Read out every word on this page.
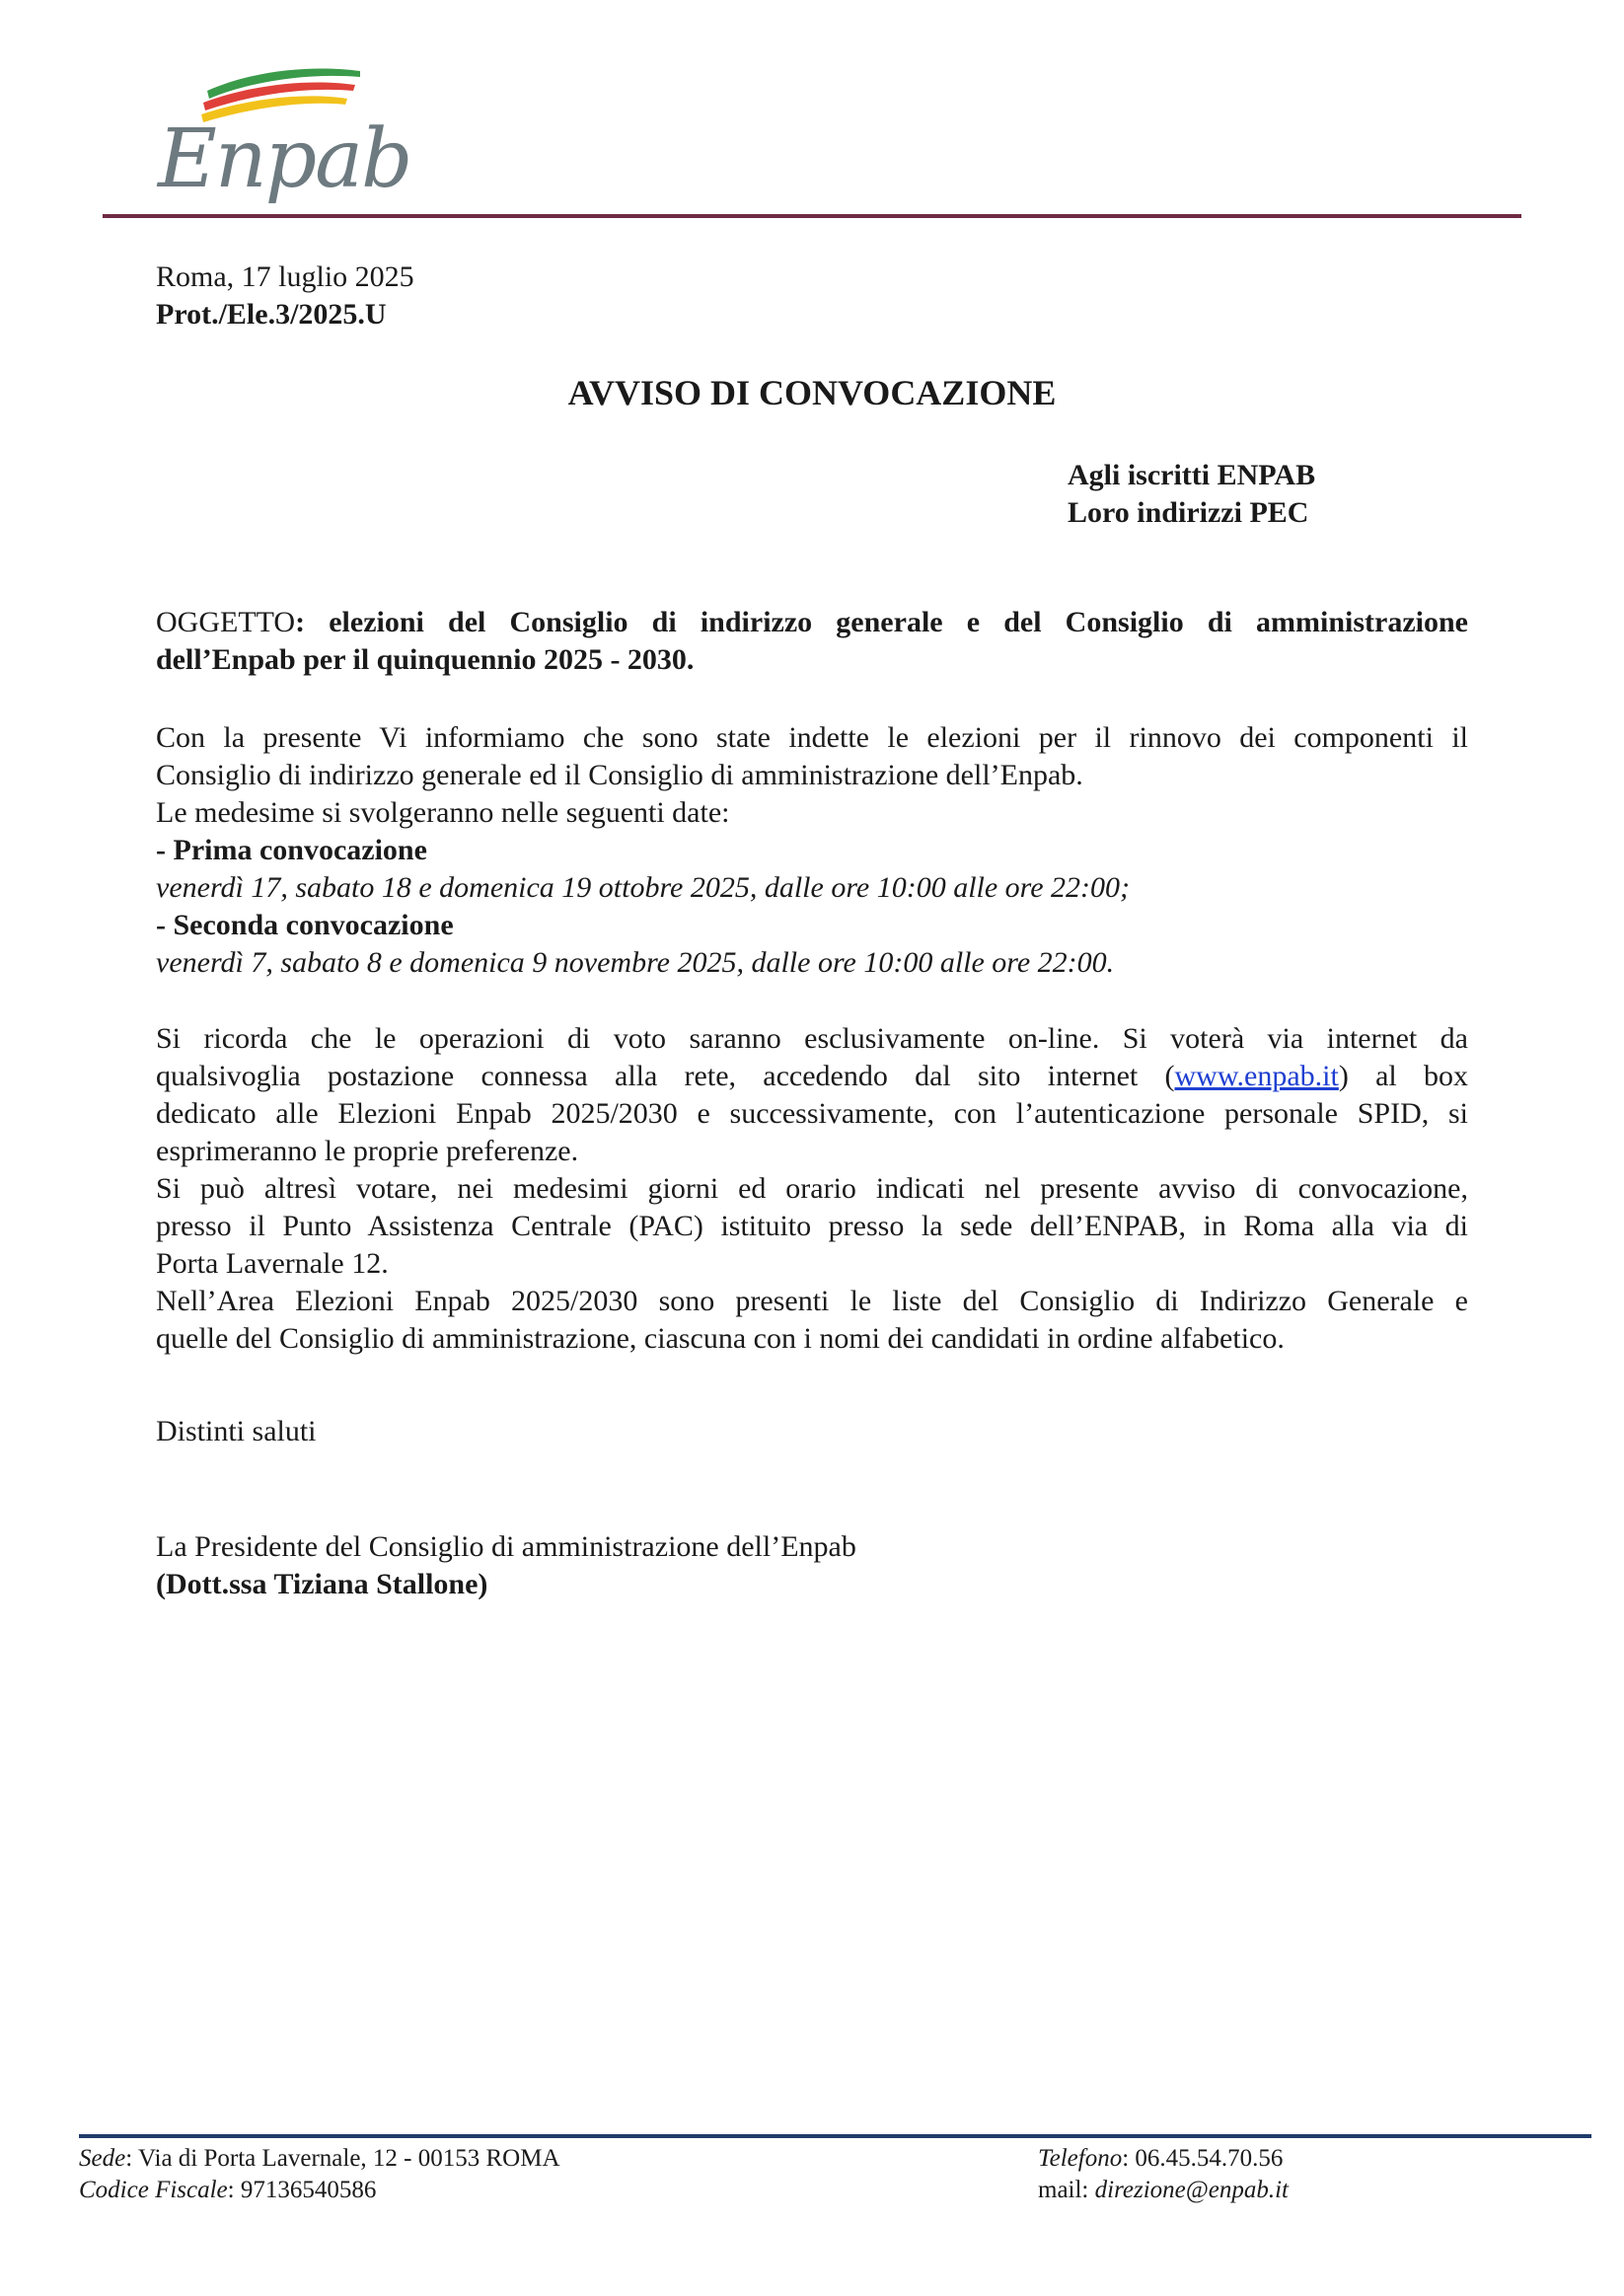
Enpab
Roma, 17 luglio 2025
Prot./Ele.3/2025.U
AVVISO DI CONVOCAZIONE
Agli iscritti ENPAB
Loro indirizzi PEC
OGGETTO: elezioni del Consiglio di indirizzo generale e del Consiglio di amministrazione
dell’Enpab per il quinquennio 2025 - 2030.
Con la presente Vi informiamo che sono state indette le elezioni per il rinnovo dei componenti il
Consiglio di indirizzo generale ed il Consiglio di amministrazione dell’Enpab.
Le medesime si svolgeranno nelle seguenti date:
- Prima convocazione
venerdì 17, sabato 18 e domenica 19 ottobre 2025, dalle ore 10:00 alle ore 22:00;
- Seconda convocazione
venerdì 7, sabato 8 e domenica 9 novembre 2025, dalle ore 10:00 alle ore 22:00.
Si ricorda che le operazioni di voto saranno esclusivamente on-line. Si voterà via internet da
qualsivoglia postazione connessa alla rete, accedendo dal sito internet (www.enpab.it) al box
dedicato alle Elezioni Enpab 2025/2030 e successivamente, con l’autenticazione personale SPID, si
esprimeranno le proprie preferenze.
Si può altresì votare, nei medesimi giorni ed orario indicati nel presente avviso di convocazione,
presso il Punto Assistenza Centrale (PAC) istituito presso la sede dell’ENPAB, in Roma alla via di
Porta Lavernale 12.
Nell’Area Elezioni Enpab 2025/2030 sono presenti le liste del Consiglio di Indirizzo Generale e
quelle del Consiglio di amministrazione, ciascuna con i nomi dei candidati in ordine alfabetico.
Distinti saluti
La Presidente del Consiglio di amministrazione dell’Enpab
(Dott.ssa Tiziana Stallone)
Sede: Via di Porta Lavernale, 12 - 00153 ROMA
Codice Fiscale: 97136540586
Telefono: 06.45.54.70.56
mail: direzione@enpab.it
